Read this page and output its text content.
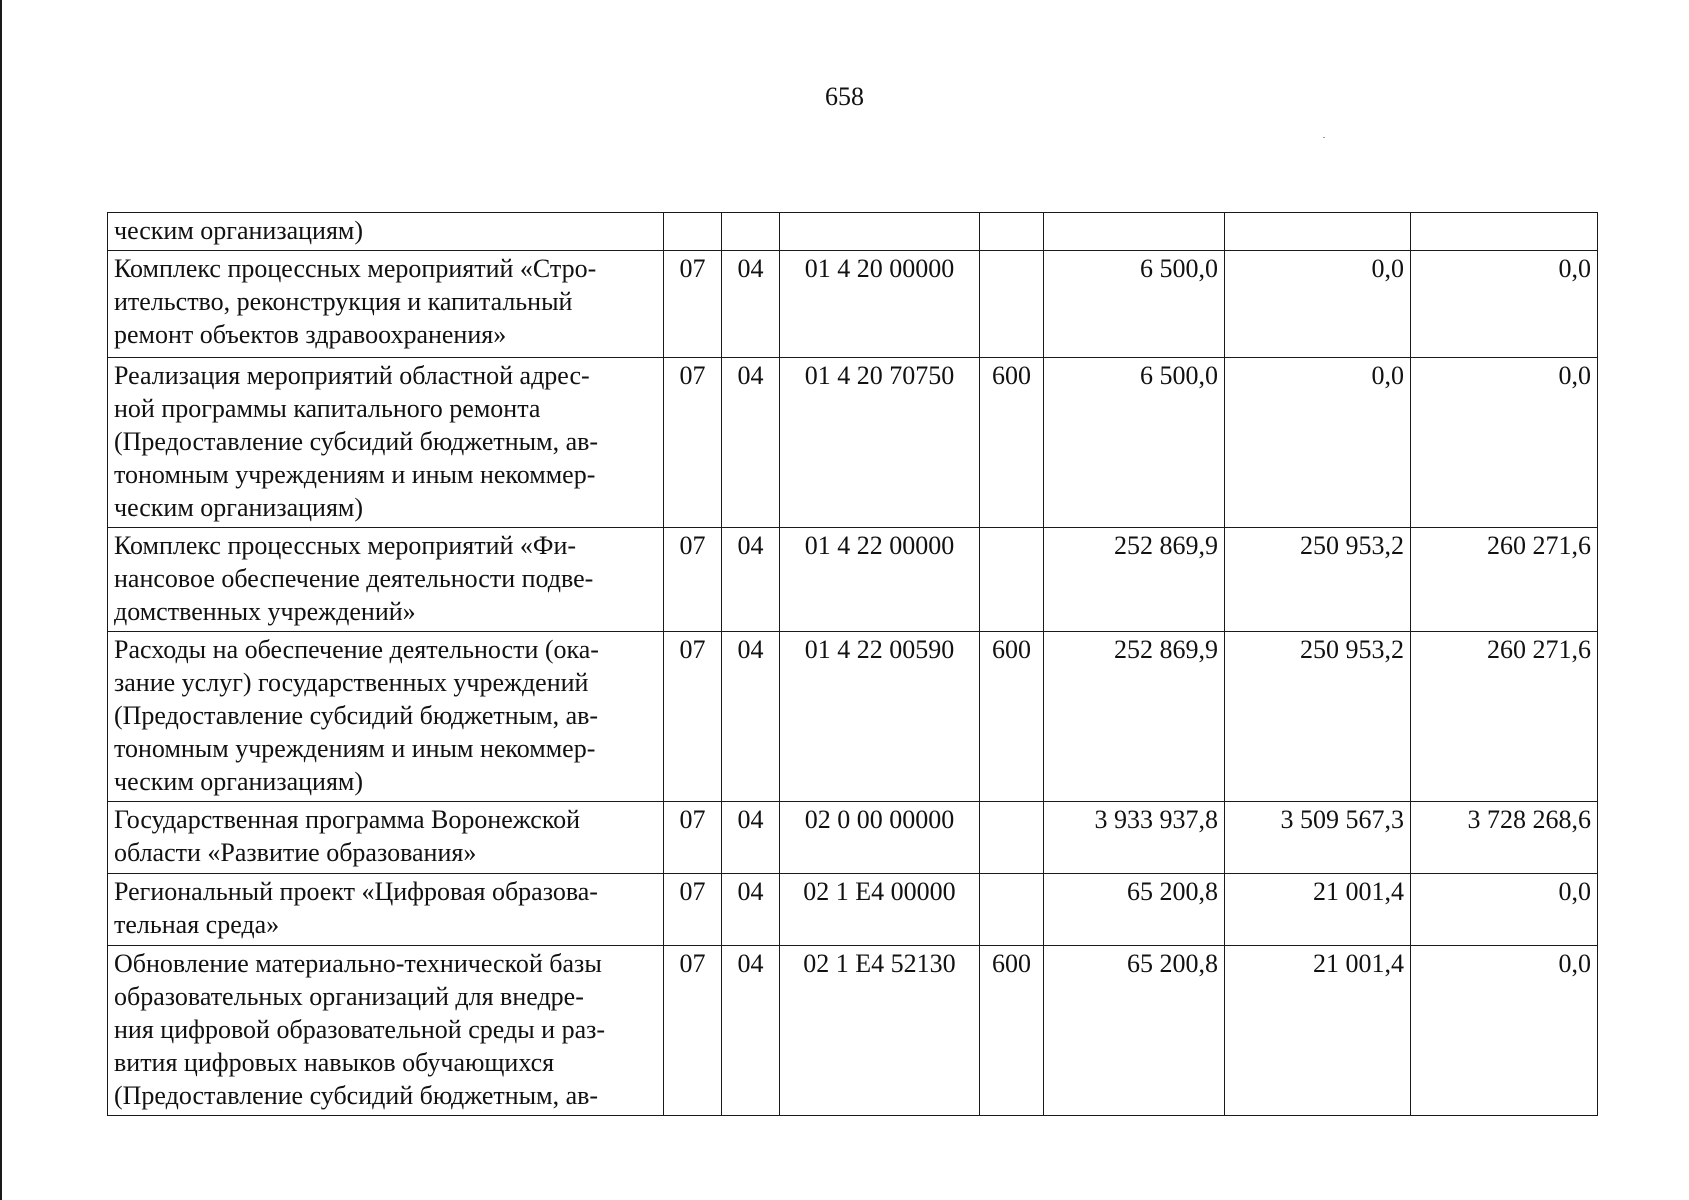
658
ческим организациям)							

Комплекс процессных мероприятий «Стро-
ительство, реконструкция и капитальный
ремонт объектов здравоохранения»	07	04	01 4 20 00000		6 500,0	0,0	0,0

Реализация мероприятий областной адрес-
ной программы капитального ремонта
(Предоставление субсидий бюджетным, ав-
тономным учреждениям и иным некоммер-
ческим организациям)	07	04	01 4 20 70750	600	6 500,0	0,0	0,0

Комплекс процессных мероприятий «Фи-
нансовое обеспечение деятельности подве-
домственных учреждений»	07	04	01 4 22 00000		252 869,9	250 953,2	260 271,6

Расходы на обеспечение деятельности (ока-
зание услуг) государственных учреждений
(Предоставление субсидий бюджетным, ав-
тономным учреждениям и иным некоммер-
ческим организациям)	07	04	01 4 22 00590	600	252 869,9	250 953,2	260 271,6

Государственная программа Воронежской
области «Развитие образования»	07	04	02 0 00 00000		3 933 937,8	3 509 567,3	3 728 268,6

Региональный проект «Цифровая образова-
тельная среда»	07	04	02 1 E4 00000		65 200,8	21 001,4	0,0

Обновление материально-технической базы
образовательных организаций для внедре-
ния цифровой образовательной среды и раз-
вития цифровых навыков обучающихся
(Предоставление субсидий бюджетным, ав-	07	04	02 1 E4 52130	600	65 200,8	21 001,4	0,0
